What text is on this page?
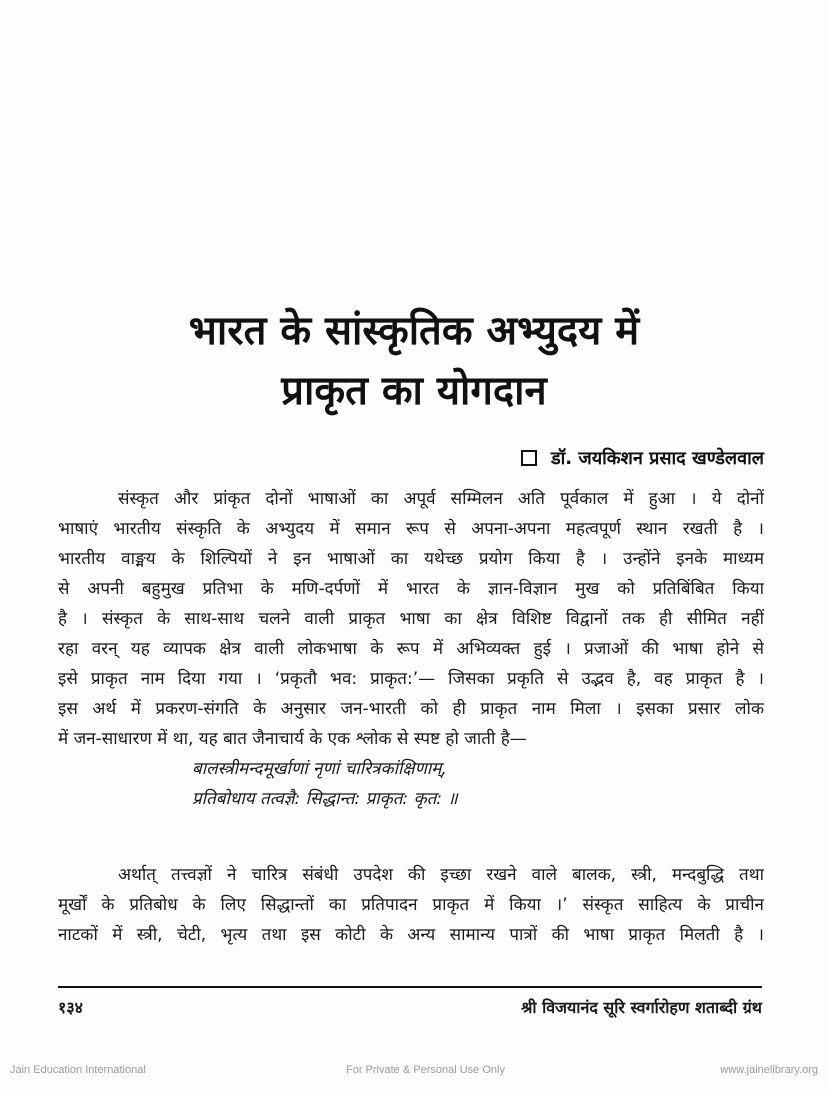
भारत के सांस्कृतिक अभ्युदय में
प्राकृत का योगदान
डॉ. जयकिशन प्रसाद खण्डेलवाल
संस्कृत और प्रांकृत दोनों भाषाओं का अपूर्व सम्मिलन अति पूर्वकाल में हुआ । ये दोनों
भाषाएं भारतीय संस्कृति के अभ्युदय में समान रूप से अपना-अपना महत्वपूर्ण स्थान रखती है ।
भारतीय वाङ्मय के शिल्पियों ने इन भाषाओं का यथेच्छ प्रयोग किया है । उन्होंने इनके माध्यम
से अपनी बहुमुख प्रतिभा के मणि-दर्पणों में भारत के ज्ञान-विज्ञान मुख को प्रतिबिंबित किया
है । संस्कृत के साथ-साथ चलने वाली प्राकृत भाषा का क्षेत्र विशिष्ट विद्वानों तक ही सीमित नहीं
रहा वरन् यह व्यापक क्षेत्र वाली लोकभाषा के रूप में अभिव्यक्त हुई । प्रजाओं की भाषा होने से
इसे प्राकृत नाम दिया गया । ‘प्रकृतौ भव: प्राकृत:’— जिसका प्रकृति से उद्भव है, वह प्राकृत है ।
इस अर्थ में प्रकरण-संगति के अनुसार जन-भारती को ही प्राकृत नाम मिला । इसका प्रसार लोक
में जन-साधारण में था, यह बात जैनाचार्य के एक श्लोक से स्पष्ट हो जाती है—
बालस्त्रीमन्दमूर्खाणां नृणां चारित्रकांक्षिणाम्,
प्रतिबोधाय तत्वज्ञै: सिद्धान्त: प्राकृत: कृत: ॥
अर्थात् तत्त्वज्ञों ने चारित्र संबंधी उपदेश की इच्छा रखने वाले बालक, स्त्री, मन्दबुद्धि तथा
मूर्खों के प्रतिबोध के लिए सिद्धान्तों का प्रतिपादन प्राकृत में किया ।’ संस्कृत साहित्य के प्राचीन
नाटकों में स्त्री, चेटी, भृत्य तथा इस कोटी के अन्य सामान्य पात्रों की भाषा प्राकृत मिलती है ।
१३४	श्री विजयानंद सूरि स्वर्गारोहण शताब्दी ग्रंथ
Jain Education International	For Private & Personal Use Only	www.jainelibrary.org
